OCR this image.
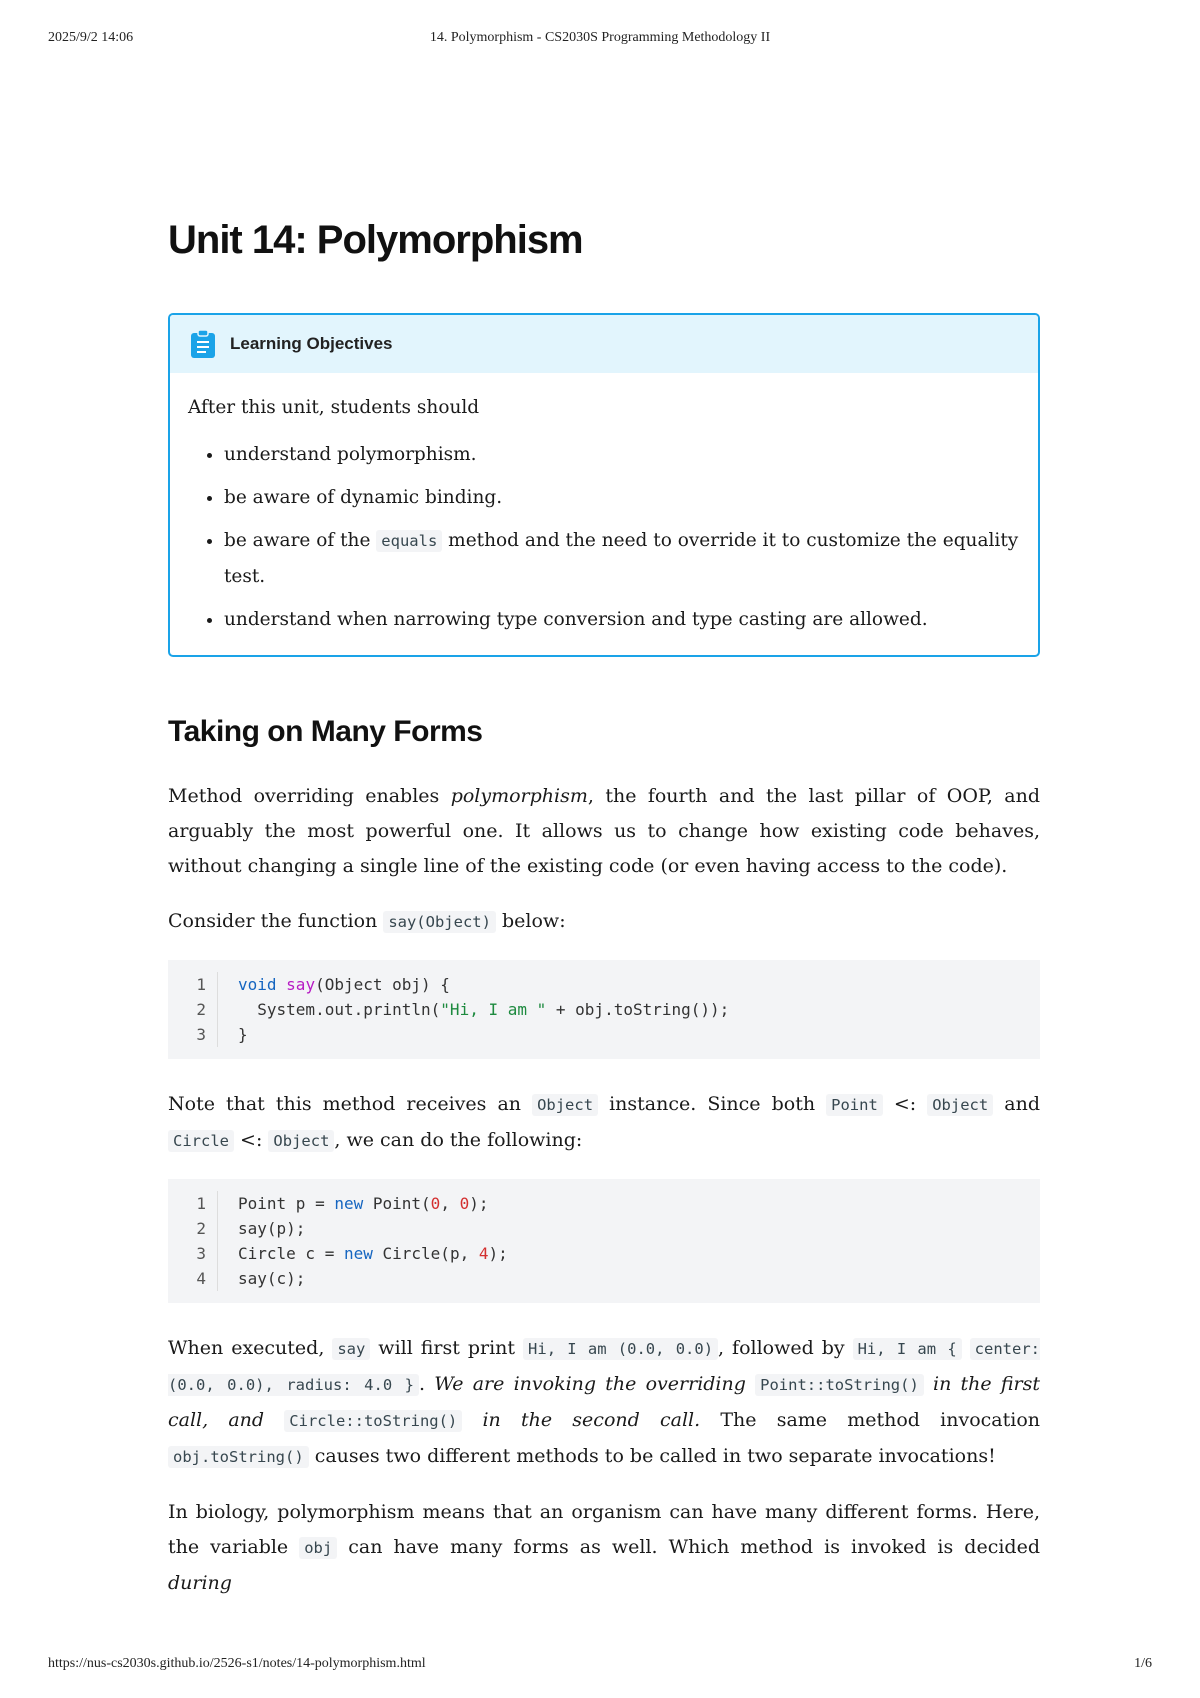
2025/9/2 14:06	14. Polymorphism - CS2030S Programming Methodology II
Unit 14: Polymorphism
Learning Objectives

After this unit, students should

• understand polymorphism.
• be aware of dynamic binding.
• be aware of the equals method and the need to override it to customize the equality test.
• understand when narrowing type conversion and type casting are allowed.
Taking on Many Forms

Method overriding enables polymorphism, the fourth and the last pillar of OOP, and arguably the most powerful one. It allows us to change how existing code behaves, without changing a single line of the existing code (or even having access to the code).

Consider the function say(Object) below:

1	void say(Object obj) {
2	System.out.println("Hi, I am " + obj.toString());
3	}

Note that this method receives an Object instance. Since both Point <: Object and Circle <: Object , we can do the following:

1	Point p = new Point(0, 0);
2	say(p);
3	Circle c = new Circle(p, 4);
4	say(c);

When executed, say will first print Hi, I am (0.0, 0.0) , followed by Hi, I am { center: (0.0, 0.0), radius: 4.0 } . We are invoking the overriding Point::toString() in the first call, and Circle::toString() in the second call. The same method invocation obj.toString() causes two different methods to be called in two separate invocations!

In biology, polymorphism means that an organism can have many different forms. Here, the variable obj can have many forms as well. Which method is invoked is decided during

https://nus-cs2030s.github.io/2526-s1/notes/14-polymorphism.html	1/6
